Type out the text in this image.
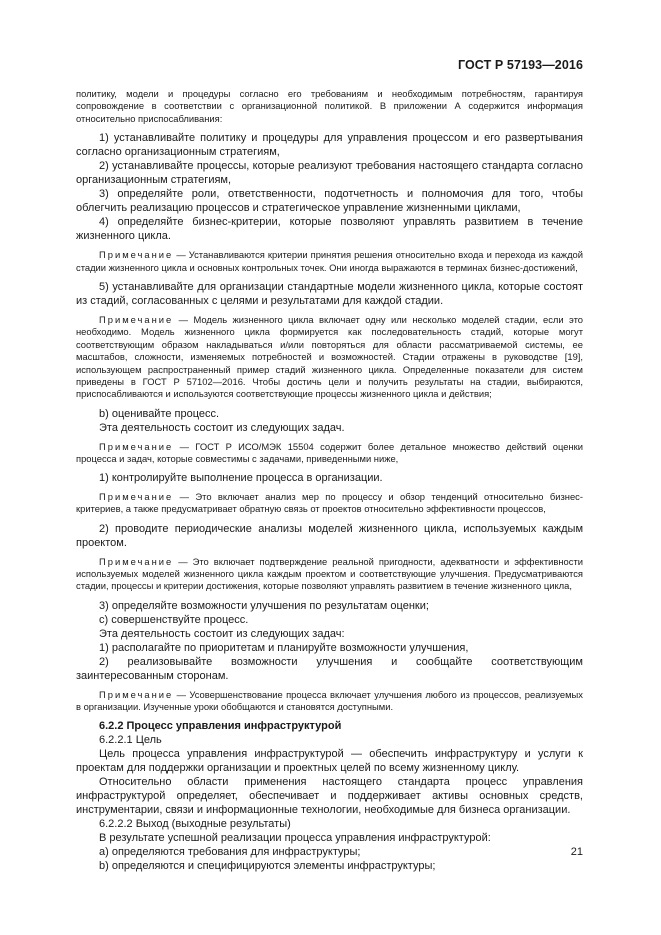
ГОСТ Р 57193—2016

политику, модели и процедуры согласно его требованиям и необходимым потребностям, гарантируя сопровождение в соответствии с организационной политикой. В приложении А содержится информация относительно приспосабливания:

1) устанавливайте политику и процедуры для управления процессом и его развертывания согласно организационным стратегиям,

2) устанавливайте процессы, которые реализуют требования настоящего стандарта согласно организационным стратегиям,

3) определяйте роли, ответственности, подотчетность и полномочия для того, чтобы облегчить реализацию процессов и стратегическое управление жизненными циклами,

4) определяйте бизнес-критерии, которые позволяют управлять развитием в течение жизненного цикла.

Примечание — Устанавливаются критерии принятия решения относительно входа и перехода из каждой стадии жизненного цикла и основных контрольных точек. Они иногда выражаются в терминах бизнес-достижений,

5) устанавливайте для организации стандартные модели жизненного цикла, которые состоят из стадий, согласованных с целями и результатами для каждой стадии.

Примечание — Модель жизненного цикла включает одну или несколько моделей стадии, если это необходимо. Модель жизненного цикла формируется как последовательность стадий, которые могут соответствующим образом накладываться и/или повторяться для области рассматриваемой системы, ее масштабов, сложности, изменяемых потребностей и возможностей. Стадии отражены в руководстве [19], использующем распространенный пример стадий жизненного цикла. Определенные показатели для систем приведены в ГОСТ Р 57102—2016. Чтобы достичь цели и получить результаты на стадии, выбираются, приспосабливаются и используются соответствующие процессы жизненного цикла и действия;

b) оценивайте процесс.

Эта деятельность состоит из следующих задач.

Примечание — ГОСТ Р ИСО/МЭК 15504 содержит более детальное множество действий оценки процесса и задач, которые совместимы с задачами, приведенными ниже,

1) контролируйте выполнение процесса в организации.

Примечание — Это включает анализ мер по процессу и обзор тенденций относительно бизнес-критериев, а также предусматривает обратную связь от проектов относительно эффективности процессов,

2) проводите периодические анализы моделей жизненного цикла, используемых каждым проектом.

Примечание — Это включает подтверждение реальной пригодности, адекватности и эффективности используемых моделей жизненного цикла каждым проектом и соответствующие улучшения. Предусматриваются стадии, процессы и критерии достижения, которые позволяют управлять развитием в течение жизненного цикла,

3) определяйте возможности улучшения по результатам оценки;

c) совершенствуйте процесс.

Эта деятельность состоит из следующих задач:

1) располагайте по приоритетам и планируйте возможности улучшения,

2) реализовывайте возможности улучшения и сообщайте соответствующим заинтересованным сторонам.

Примечание — Усовершенствование процесса включает улучшения любого из процессов, реализуемых в организации. Изученные уроки обобщаются и становятся доступными.

6.2.2 Процесс управления инфраструктурой

6.2.2.1 Цель

Цель процесса управления инфраструктурой — обеспечить инфраструктуру и услуги к проектам для поддержки организации и проектных целей по всему жизненному циклу.

Относительно области применения настоящего стандарта процесс управления инфраструктурой определяет, обеспечивает и поддерживает активы основных средств, инструментарии, связи и информационные технологии, необходимые для бизнеса организации.

6.2.2.2 Выход (выходные результаты)

В результате успешной реализации процесса управления инфраструктурой:

a) определяются требования для инфраструктуры;

b) определяются и специфицируются элементы инфраструктуры;

21
